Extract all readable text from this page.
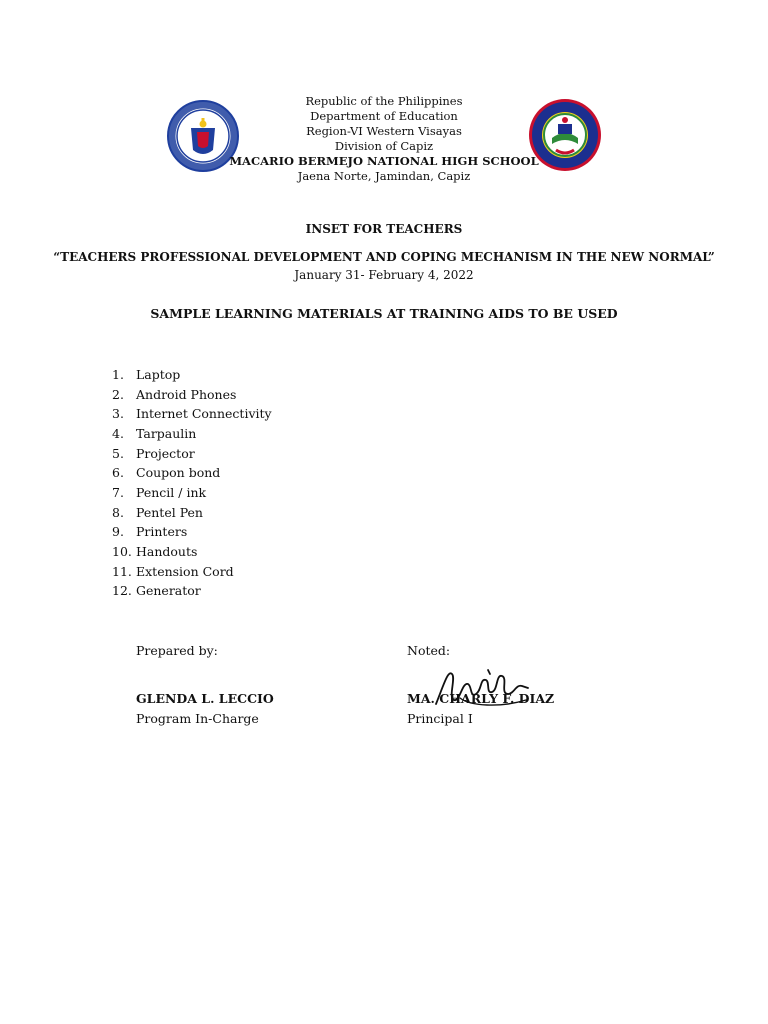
Republic of the Philippines
Department of Education
Region-VI Western Visayas
Division of Capiz
MACARIO BERMEJO NATIONAL HIGH SCHOOL
Jaena Norte, Jamindan, Capiz
INSET FOR TEACHERS
“TEACHERS PROFESSIONAL DEVELOPMENT AND COPING MECHANISM IN THE NEW NORMAL”
January 31- February 4, 2022
SAMPLE LEARNING MATERIALS AT TRAINING AIDS TO BE USED
1. Laptop
2. Android Phones
3. Internet Connectivity
4. Tarpaulin
5. Projector
6. Coupon bond
7. Pencil / ink
8. Pentel Pen
9. Printers
10. Handouts
11. Extension Cord
12. Generator
Prepared by:
GLENDA L. LECCIO
Program In-Charge
Noted:
MA. CHARLY F. DIAZ
Principal I
